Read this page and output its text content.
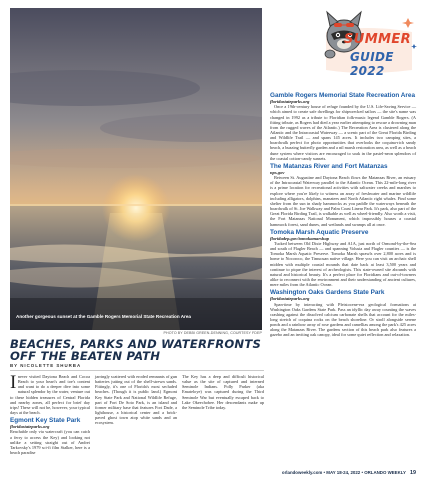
Another gorgeous sunset at the Gamble Rogers Memorial State Recreation Area
PHOTO BY DEBBI GREEN-DENNING, COURTESY FDEP
SUMMER
GUIDE 2022
BEACHES, PARKS AND WATERFRONTS
OFF THE BEATEN PATH
BY NICOLETTE SHURBA

Inever visited Daytona Beach and Cocoa Beach to your heart's and toe's content and want to do a deeper dive into some natural splendor by the water, venture out to these hidden treasures of Central Florida and nearby zones, all perfect for brief day trips! These will not be, however, your typical days at the beach.

Egmont Key State Park
floridastateparks.org

Reachable only via watercraft (you can catch a ferry to access the Key) and looking not unlike a setting straight out of Andrei Tarkovsky's 1979 sci-fi film Stalker, here is a beach paradise

jarringly scattered with eroded remnants of gun batteries jutting out of the shell-strewn sands. Fittingly, it's one of Florida's most secluded beaches. (Though it is public land.) Egmont Key State Park and National Wildlife Refuge, part of Fort De Soto Park, is an island and former military base that features Fort Dade, a lighthouse, a historical center and a brick-paved ghost town atop white sands and an ecosystem.

The Key has a deep and difficult historical value as the site of captured and interned Seminole Indians. Polly Parker (aka Emateloye) was captured during the Third Seminole War but eventually escaped back to Lake Okeechobee. Her descendants make up the Seminole Tribe today.

Gamble Rogers Memorial State Recreation Area
floridastateparks.org

Once a 19th-century house of refuge founded by the U.S. Life-Saving Service — which aimed to create safe dwellings for shipwrecked sailors — the site's name was changed in 1992 as a tribute to Floridian folk-music legend Gamble Rogers. (A fitting tribute, as Rogers had died a year earlier attempting to rescue a drowning man from the rugged waves of the Atlantic.) The Recreation Area is clustered along the Atlantic and the Intracoastal Waterway — a scenic part of the Great Florida Birding and Wildlife Trail — and spans 145 acres. It includes two camping sites, a boardwalk perfect for photo opportunities that overlooks the coquina-rich sandy beach, a buzzing butterfly garden and a nil marsh restoration area, as well as a beach dune system where visitors are encouraged to soak in the pastel-neon splendors of the coastal cotton-candy sunsets.

The Matanzas River and Fort Matanzas
nps.gov

Between St. Augustine and Daytona Beach flows the Matanzas River, an estuary of the Intracoastal Waterway parallel to the Atlantic Ocean. This 22-mile-long river is a prime location for recreational activities with saltwater creeks and marshes to explore where you're likely to witness an array of freshwater and marine wildlife including alligators, dolphins, manatees and North Atlantic right whales. Find some shelter from the sun in shady hammocks as you paddle the waterways beneath the boardwalk of St. Joe Walkway and Palm Coast Linear Park. It's park, also part of the Great Florida Birding Trail, is walkable as well as wheel-friendly. Also worth a visit, the Fort Matanzas National Monument, which impossibly houses a coastal hammock forest, sand dunes, and wetlands and swamps all at once.

Tomoka Marsh Aquatic Preserve
floridadep.gov/tomokamarshap

Tucked between Old Dixie Highway and A1A, just north of Ormond-by-the-Sea and south of Flagler Beach — and spanning Volusia and Flagler counties — is the Tomoka Marsh Aquatic Preserve. Tomoka Marsh sprawls over 2,800 acres and is home to Nocoroco, the Timucuan native village. Here you can visit an archaic shell midden with multiple coastal mounds that date back at least 3,500 years and continue to pique the interest of archeologists. This state-owned site abounds with natural and historical beauty. It's a perfect place for Floridians and out-of-towners alike to reconnect with the environment and their understanding of ancient cultures, mere miles from the Atlantic Ocean.

Washington Oaks Gardens State Park
floridastateparks.org

Span-time by interacting with Pleistocene-era geological formations at Washington Oaks Gardens State Park. Pass an idyllic day away counting the waves crashing against the dissolved calcium carbonate shells that account for the miles-long stretch of coquina rocks on the beach shoreline. Or stroll alongside serene ponds and a rainbow array of rose gardens and camellias among the park's 425 acres along the Matanzas River. The gardens section of this beach park also features a gazebo and an inviting oak canopy, ideal for some quiet reflection and relaxation.

orlandoweekly.com • MAY 18-24, 2022 • ORLANDO WEEKLY 19
